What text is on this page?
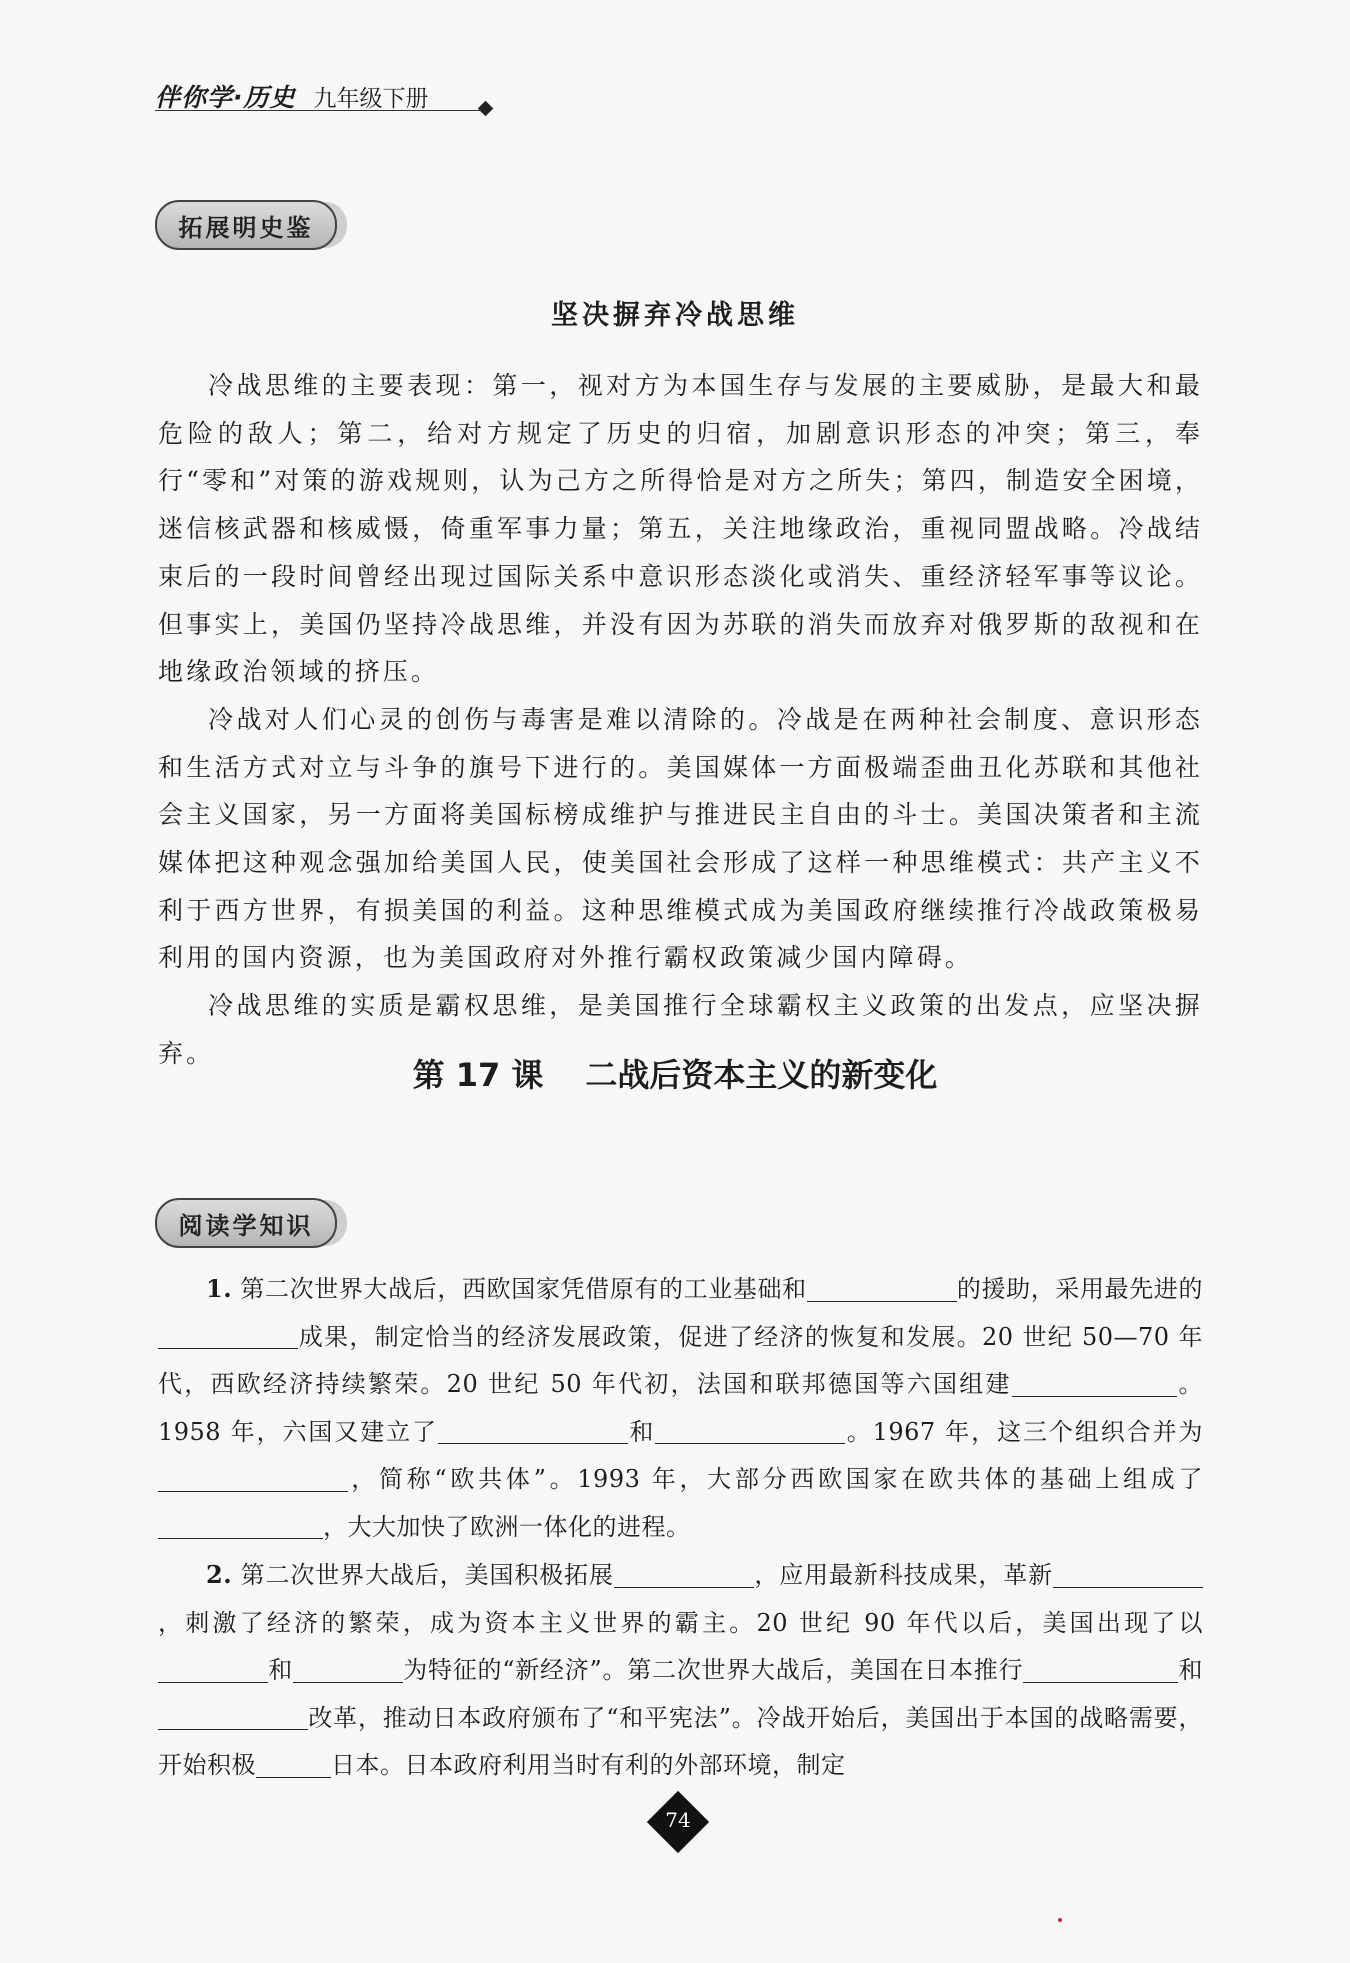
伴你学·历史 九年级下册
拓展明史鉴
坚决摒弃冷战思维

冷战思维的主要表现：第一，视对方为本国生存与发展的主要威胁，是最大和最危险的敌人；第二，给对方规定了历史的归宿，加剧意识形态的冲突；第三，奉行“零和”对策的游戏规则，认为己方之所得恰是对方之所失；第四，制造安全困境，迷信核武器和核威慑，倚重军事力量；第五，关注地缘政治，重视同盟战略。冷战结束后的一段时间曾经出现过国际关系中意识形态淡化或消失、重经济轻军事等议论。但事实上，美国仍坚持冷战思维，并没有因为苏联的消失而放弃对俄罗斯的敌视和在地缘政治领域的挤压。

冷战对人们心灵的创伤与毒害是难以清除的。冷战是在两种社会制度、意识形态和生活方式对立与斗争的旗号下进行的。美国媒体一方面极端歪曲丑化苏联和其他社会主义国家，另一方面将美国标榜成维护与推进民主自由的斗士。美国决策者和主流媒体把这种观念强加给美国人民，使美国社会形成了这样一种思维模式：共产主义不利于西方世界，有损美国的利益。这种思维模式成为美国政府继续推行冷战政策极易利用的国内资源，也为美国政府对外推行霸权政策减少国内障碍。

冷战思维的实质是霸权思维，是美国推行全球霸权主义政策的出发点，应坚决摒弃。

第 17 课 二战后资本主义的新变化
阅读学知识

1. 第二次世界大战后，西欧国家凭借原有的工业基础和	的援助，采用最先进的成果，制定恰当的经济发展政策，促进了经济的恢复和发展。20 世纪 50—70 年代，西欧经济持续繁荣。20 世纪 50 年代初，法国和联邦德国等六国组建	。1958 年，六国又建立了	和	。1967 年，这三个组织合并为，简称“欧共体”。1993 年，大部分西欧国家在欧共体的基础上组成了，大大加快了欧洲一体化的进程。

2. 第二次世界大战后，美国积极拓展	，应用最新科技成果，革新，刺激了经济的繁荣，成为资本主义世界的霸主。20 世纪 90 年代以后，美国出现了以和	为特征的“新经济”。第二次世界大战后，美国在日本推行	和改革，推动日本政府颁布了“和平宪法”。冷战开始后，美国出于本国的战略需要，开始积极	日本。日本政府利用当时有利的外部环境，制定

74
